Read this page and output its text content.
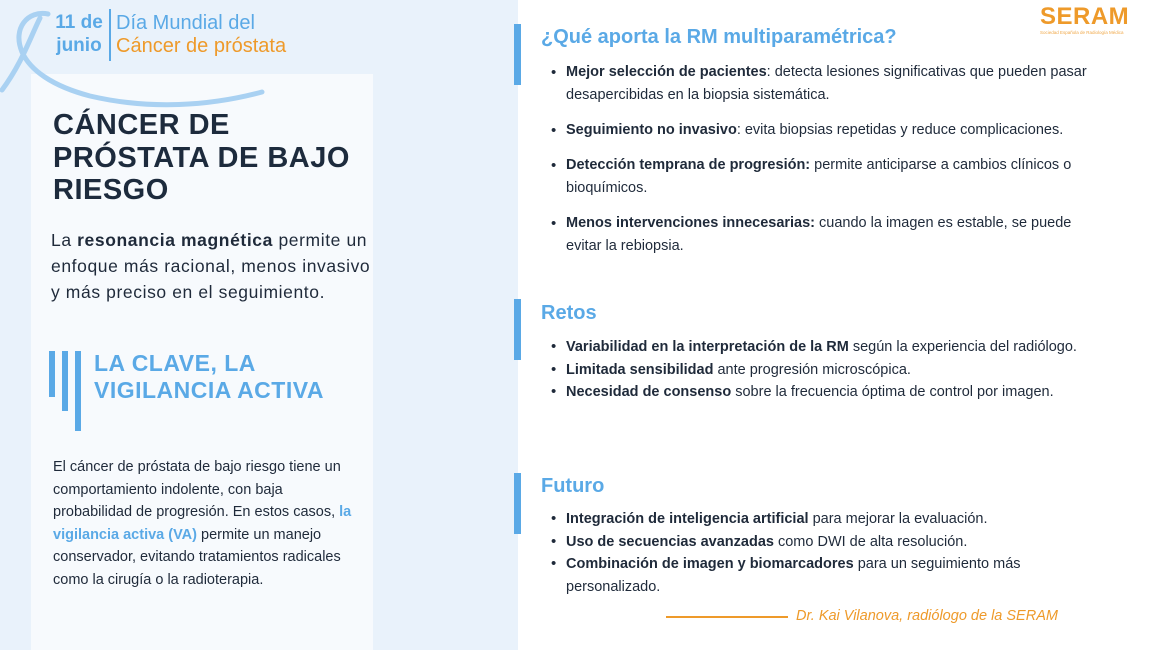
11 de
junio
Día Mundial del
Cáncer de próstata
CÁNCER DE PRÓSTATA DE BAJO RIESGO

La resonancia magnética permite un enfoque más racional, menos invasivo y más preciso en el seguimiento.

LA CLAVE, LA VIGILANCIA ACTIVA

El cáncer de próstata de bajo riesgo tiene un comportamiento indolente, con baja probabilidad de progresión. En estos casos, la vigilancia activa (VA) permite un manejo conservador, evitando tratamientos radicales como la cirugía o la radioterapia.

SERAM
Sociedad Española de Radiología Médica
¿Qué aporta la RM multiparamétrica?
• Mejor selección de pacientes: detecta lesiones significativas que pueden pasar desapercibidas en la biopsia sistemática.
• Seguimiento no invasivo: evita biopsias repetidas y reduce complicaciones.
• Detección temprana de progresión: permite anticiparse a cambios clínicos o bioquímicos.
• Menos intervenciones innecesarias: cuando la imagen es estable, se puede evitar la rebiopsia.
Retos
• Variabilidad en la interpretación de la RM según la experiencia del radiólogo.
• Limitada sensibilidad ante progresión microscópica.
• Necesidad de consenso sobre la frecuencia óptima de control por imagen.
Futuro
• Integración de inteligencia artificial para mejorar la evaluación.
• Uso de secuencias avanzadas como DWI de alta resolución.
• Combinación de imagen y biomarcadores para un seguimiento más personalizado.
Dr. Kai Vilanova, radiólogo de la SERAM
